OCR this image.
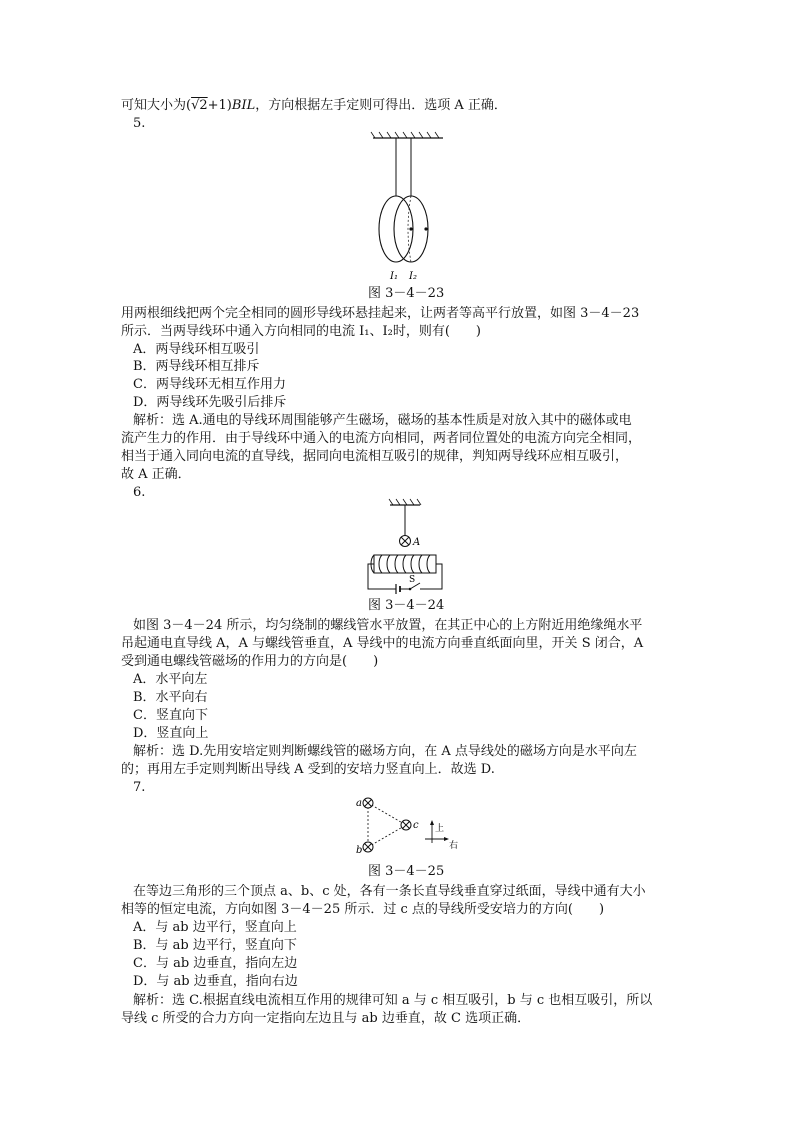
可知大小为(√2+1)BIL，方向根据左手定则可得出．选项 A 正确．
5.
I₁ I₂
图 3－4－23
用两根细线把两个完全相同的圆形导线环悬挂起来，让两者等高平行放置，如图 3－4－23
所示．当两导线环中通入方向相同的电流 I₁、I₂时，则有(　　)
A．两导线环相互吸引
B．两导线环相互排斥
C．两导线环无相互作用力
D．两导线环先吸引后排斥
解析：选 A.通电的导线环周围能够产生磁场，磁场的基本性质是对放入其中的磁体或电
流产生力的作用．由于导线环中通入的电流方向相同，两者同位置处的电流方向完全相同，
相当于通入同向电流的直导线，据同向电流相互吸引的规律，判知两导线环应相互吸引，
故 A 正确．
6.
A
S
图 3－4－24
如图 3－4－24 所示，均匀绕制的螺线管水平放置，在其正中心的上方附近用绝缘绳水平
吊起通电直导线 A，A 与螺线管垂直，A 导线中的电流方向垂直纸面向里，开关 S 闭合，A
受到通电螺线管磁场的作用力的方向是(　　)
A．水平向左
B．水平向右
C．竖直向下
D．竖直向上
解析：选 D.先用安培定则判断螺线管的磁场方向，在 A 点导线处的磁场方向是水平向左
的；再用左手定则判断出导线 A 受到的安培力竖直向上．故选 D.
7.
a
b
c 上
右
图 3－4－25
在等边三角形的三个顶点 a、b、c 处，各有一条长直导线垂直穿过纸面，导线中通有大小
相等的恒定电流，方向如图 3－4－25 所示．过 c 点的导线所受安培力的方向(　　)
A．与 ab 边平行，竖直向上
B．与 ab 边平行，竖直向下
C．与 ab 边垂直，指向左边
D．与 ab 边垂直，指向右边
解析：选 C.根据直线电流相互作用的规律可知 a 与 c 相互吸引，b 与 c 也相互吸引，所以
导线 c 所受的合力方向一定指向左边且与 ab 边垂直，故 C 选项正确．
